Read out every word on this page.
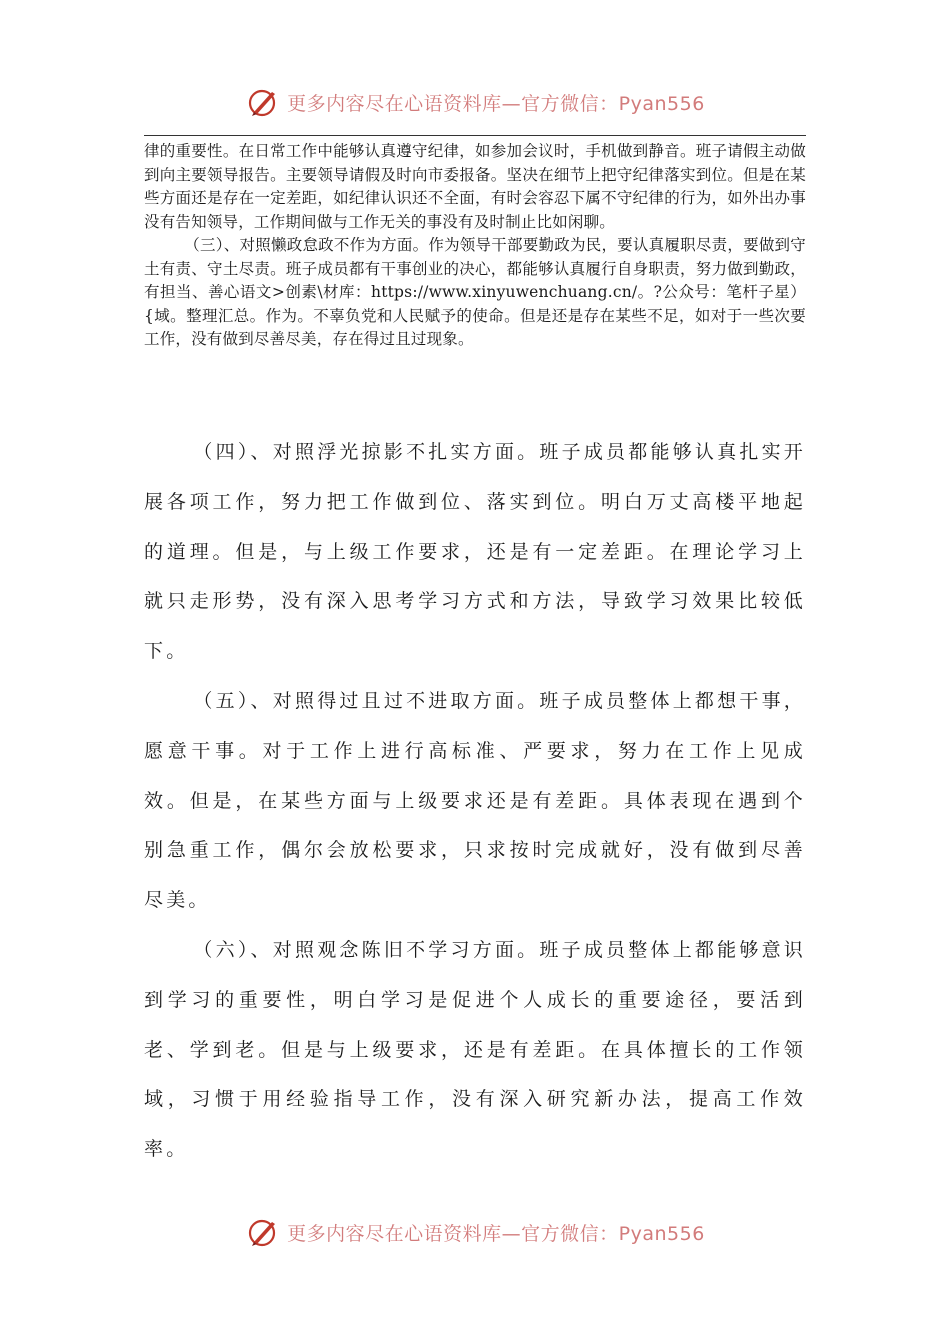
更多内容尽在心语资料库—官方微信：Pyan556

律的重要性。在日常工作中能够认真遵守纪律，如参加会议时，手机做到静音。班子请假主动做到向主要领导报告。主要领导请假及时向市委报备。坚决在细节上把守纪律落实到位。但是在某些方面还是存在一定差距，如纪律认识还不全面，有时会容忍下属不守纪律的行为，如外出办事没有告知领导，工作期间做与工作无关的事没有及时制止比如闲聊。

（三）、对照懒政怠政不作为方面。作为领导干部要勤政为民，要认真履职尽责，要做到守土有责、守土尽责。班子成员都有干事创业的决心，都能够认真履行自身职责，努力做到勤政，有担当、善心语文>创素\材库：https://www.xinyuwenchuang.cn/。?公众号：笔杆子星）{域。整理汇总。作为。不辜负党和人民赋予的使命。但是还是存在某些不足，如对于一些次要工作，没有做到尽善尽美，存在得过且过现象。

（四）、对照浮光掠影不扎实方面。班子成员都能够认真扎实开展各项工作，努力把工作做到位、落实到位。明白万丈高楼平地起的道理。但是，与上级工作要求，还是有一定差距。在理论学习上就只走形势，没有深入思考学习方式和方法，导致学习效果比较低下。

（五）、对照得过且过不进取方面。班子成员整体上都想干事，愿意干事。对于工作上进行高标准、严要求，努力在工作上见成效。但是，在某些方面与上级要求还是有差距。具体表现在遇到个别急重工作，偶尔会放松要求，只求按时完成就好，没有做到尽善尽美。

（六）、对照观念陈旧不学习方面。班子成员整体上都能够意识到学习的重要性，明白学习是促进个人成长的重要途径，要活到老、学到老。但是与上级要求，还是有差距。在具体擅长的工作领域，习惯于用经验指导工作，没有深入研究新办法，提高工作效率。

更多内容尽在心语资料库—官方微信：Pyan556
